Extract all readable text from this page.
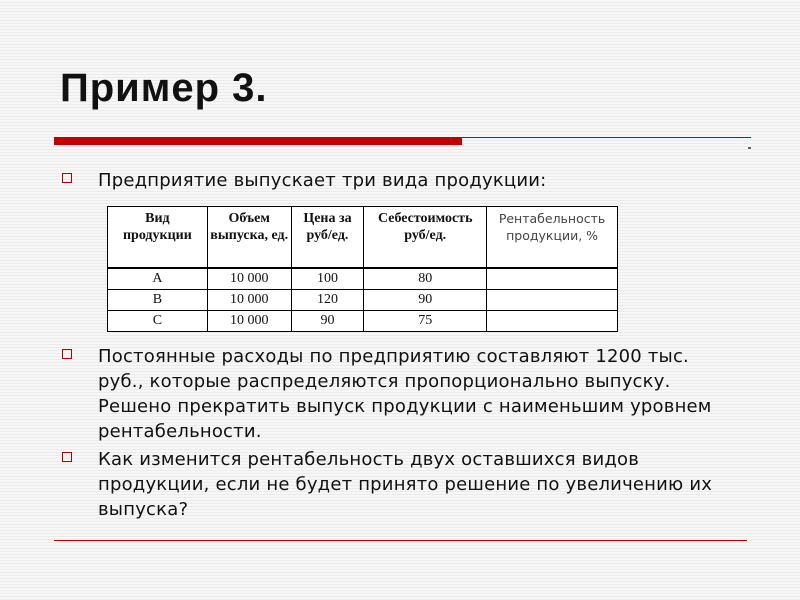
Пример 3.

Предприятие выпускает три вида продукции:

Вид продукции	Объем выпуска, ед.	Цена за руб/ед.	Себестоимость руб/ед.	Рентабельность продукции, %
A	10 000	100	80	
B	10 000	120	90	
C	10 000	90	75	

Постоянные расходы по предприятию составляют 1200 тыс. руб., которые распределяются пропорционально выпуску. Решено прекратить выпуск продукции с наименьшим уровнем рентабельности.

Как изменится рентабельность двух оставшихся видов продукции, если не будет принято решение по увеличению их выпуска?
